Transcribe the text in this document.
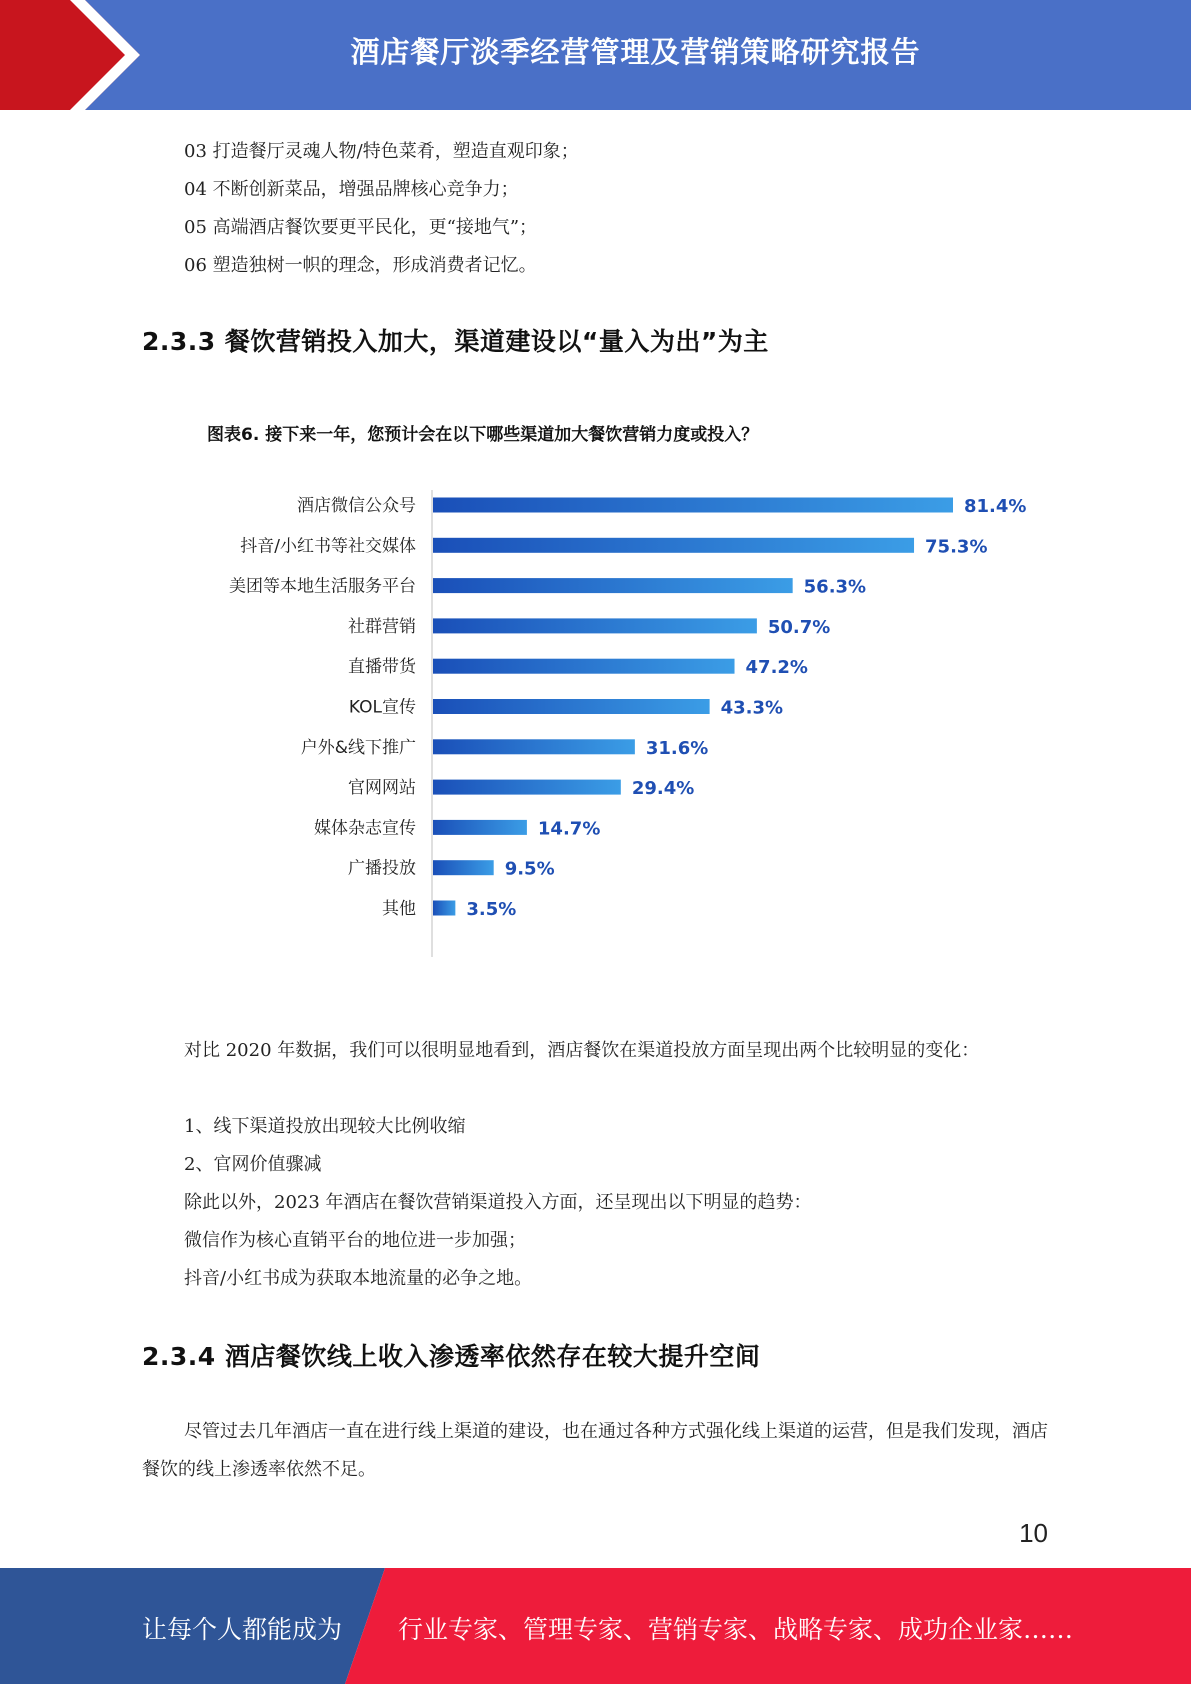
酒店餐厅淡季经营管理及营销策略研究报告
03 打造餐厅灵魂人物/特色菜肴，塑造直观印象；
04 不断创新菜品，增强品牌核心竞争力；
05 高端酒店餐饮要更平民化，更“接地气”；
06 塑造独树一帜的理念，形成消费者记忆。
2.3.3 餐饮营销投入加大，渠道建设以“量入为出”为主
图表6. 接下来一年，您预计会在以下哪些渠道加大餐饮营销力度或投入？
酒店微信公众号	81.4%
抖音/小红书等社交媒体	75.3%
美团等本地生活服务平台	56.3%
社群营销	50.7%
直播带货	47.2%
KOL宣传	43.3%
户外&线下推广	31.6%
官网网站	29.4%
媒体杂志宣传	14.7%
广播投放	9.5%
其他	3.5%
对比 2020 年数据，我们可以很明显地看到，酒店餐饮在渠道投放方面呈现出两个比较明显的变化：
1、线下渠道投放出现较大比例收缩
2、官网价值骤减
除此以外，2023 年酒店在餐饮营销渠道投入方面，还呈现出以下明显的趋势：
微信作为核心直销平台的地位进一步加强；
抖音/小红书成为获取本地流量的必争之地。
2.3.4 酒店餐饮线上收入渗透率依然存在较大提升空间
尽管过去几年酒店一直在进行线上渠道的建设，也在通过各种方式强化线上渠道的运营，但是我们发现，酒店餐饮的线上渗透率依然不足。
10
让每个人都能成为 行业专家、管理专家、营销专家、战略专家、成功企业家……
